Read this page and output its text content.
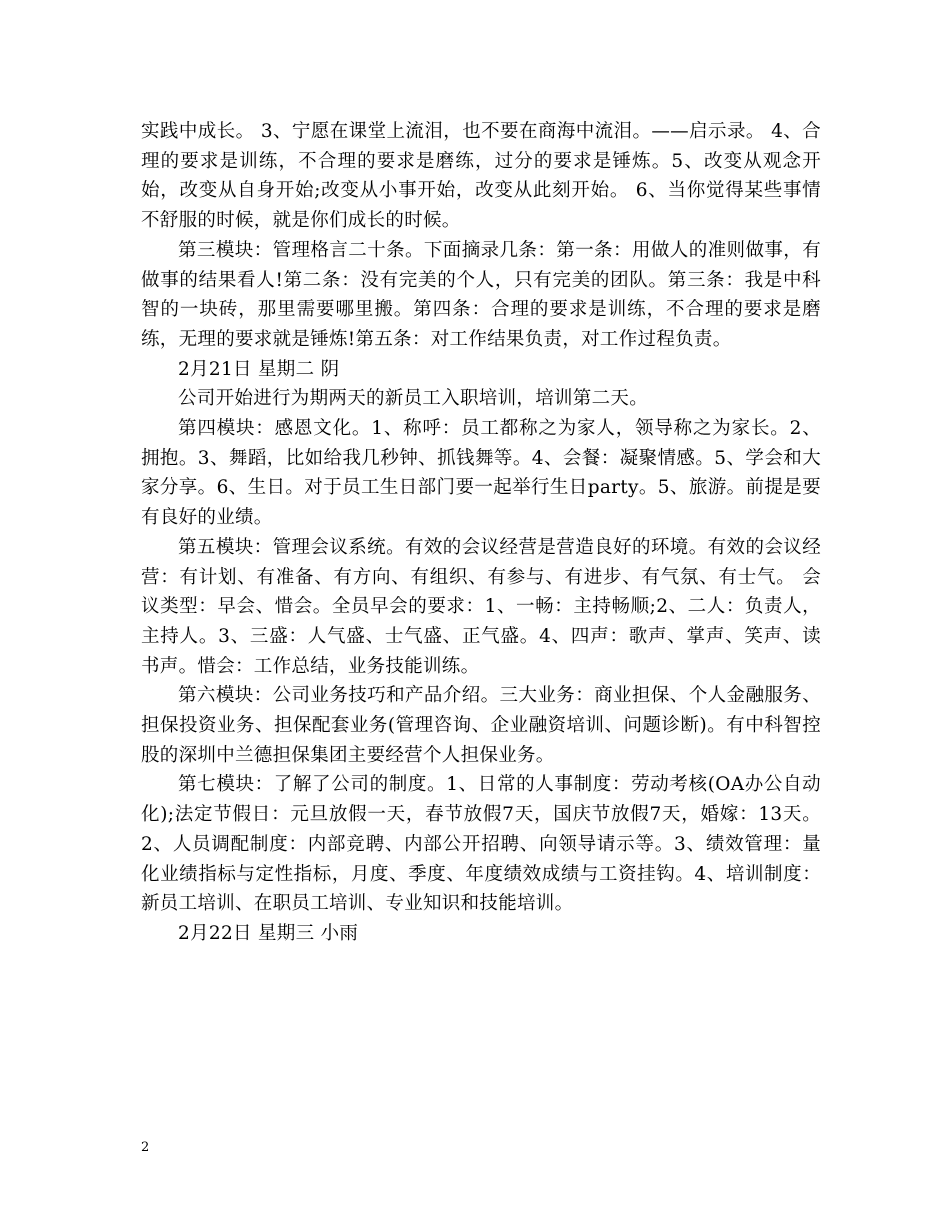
实践中成长。 3、宁愿在课堂上流泪，也不要在商海中流泪。——启示录。 4、合理的要求是训练，不合理的要求是磨练，过分的要求是锤炼。5、改变从观念开始，改变从自身开始;改变从小事开始，改变从此刻开始。 6、当你觉得某些事情不舒服的时候，就是你们成长的时候。

第三模块：管理格言二十条。下面摘录几条：第一条：用做人的准则做事，有做事的结果看人!第二条：没有完美的个人，只有完美的团队。第三条：我是中科智的一块砖，那里需要哪里搬。第四条：合理的要求是训练，不合理的要求是磨练，无理的要求就是锤炼!第五条：对工作结果负责，对工作过程负责。

2月21日 星期二 阴

公司开始进行为期两天的新员工入职培训，培训第二天。

第四模块：感恩文化。1、称呼：员工都称之为家人，领导称之为家长。2、拥抱。3、舞蹈，比如给我几秒钟、抓钱舞等。4、会餐：凝聚情感。5、学会和大家分享。6、生日。对于员工生日部门要一起举行生日party。5、旅游。前提是要有良好的业绩。

第五模块：管理会议系统。有效的会议经营是营造良好的环境。有效的会议经营：有计划、有准备、有方向、有组织、有参与、有进步、有气氛、有士气。 会议类型：早会、惜会。全员早会的要求：1、一畅：主持畅顺;2、二人：负责人，主持人。3、三盛：人气盛、士气盛、正气盛。4、四声：歌声、掌声、笑声、读书声。惜会：工作总结，业务技能训练。

第六模块：公司业务技巧和产品介绍。三大业务：商业担保、个人金融服务、担保投资业务、担保配套业务(管理咨询、企业融资培训、问题诊断)。有中科智控股的深圳中兰德担保集团主要经营个人担保业务。

第七模块：了解了公司的制度。1、日常的人事制度：劳动考核(OA办公自动化);法定节假日：元旦放假一天，春节放假7天，国庆节放假7天，婚嫁：13天。2、人员调配制度：内部竞聘、内部公开招聘、向领导请示等。3、绩效管理：量化业绩指标与定性指标，月度、季度、年度绩效成绩与工资挂钩。4、培训制度：新员工培训、在职员工培训、专业知识和技能培训。

2月22日 星期三 小雨

2
